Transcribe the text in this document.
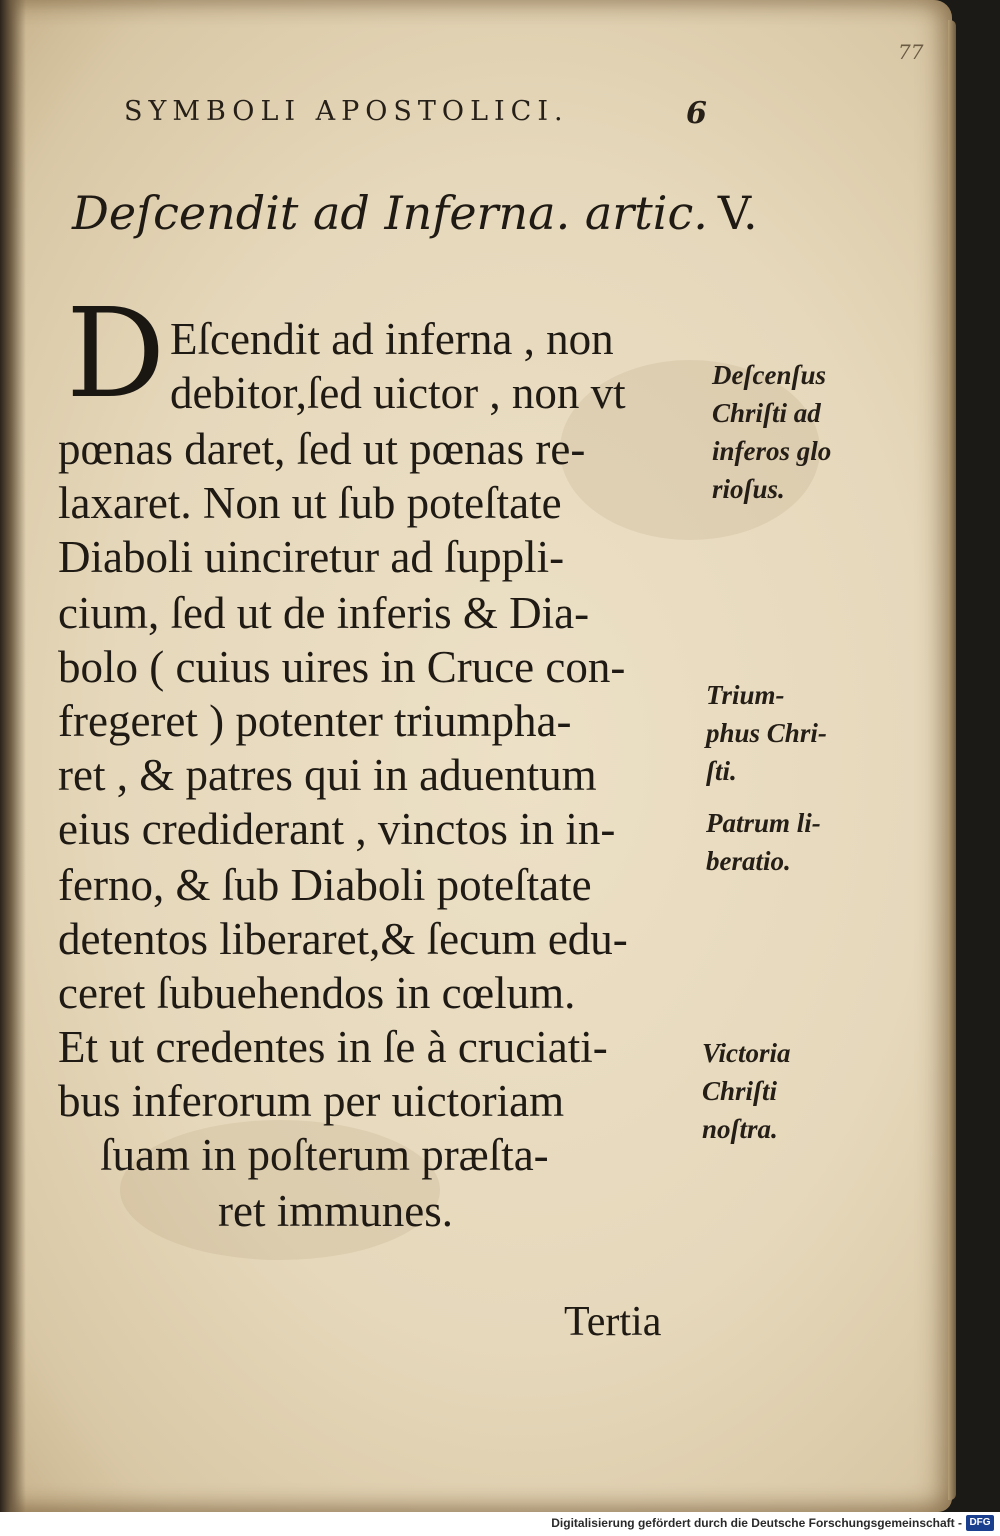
77
SYMBOLI APOSTOLICI.	6
Deſcendit ad Inferna. artic. V.
D Eſcendit ad inferna , non
debitor,ſed uictor , non vt
pœnas daret, ſed ut pœnas re-
laxaret. Non ut ſub poteſtate
Diaboli uinciretur ad ſuppli-
cium, ſed ut de inferis & Dia-
bolo ( cuius uires in Cruce con-
fregeret ) potenter triumpha-
ret , & patres qui in aduentum
eius crediderant , vinctos in in-
ferno, & ſub Diaboli poteſtate
detentos liberaret,& ſecum edu-
ceret ſubuehendos in cœlum.
Et ut credentes in ſe à cruciati-
bus inferorum per uictoriam
ſuam in poſterum præſta-
ret immunes.
Deſcenſus
Chriſti ad
inferos glo
rioſus.
Trium-
phus Chri-
ſti.
Patrum li-
beratio.
Victoria
Chriſti
noſtra.
Tertia
Digitalisierung gefördert durch die Deutsche Forschungsgemeinschaft - DFG
